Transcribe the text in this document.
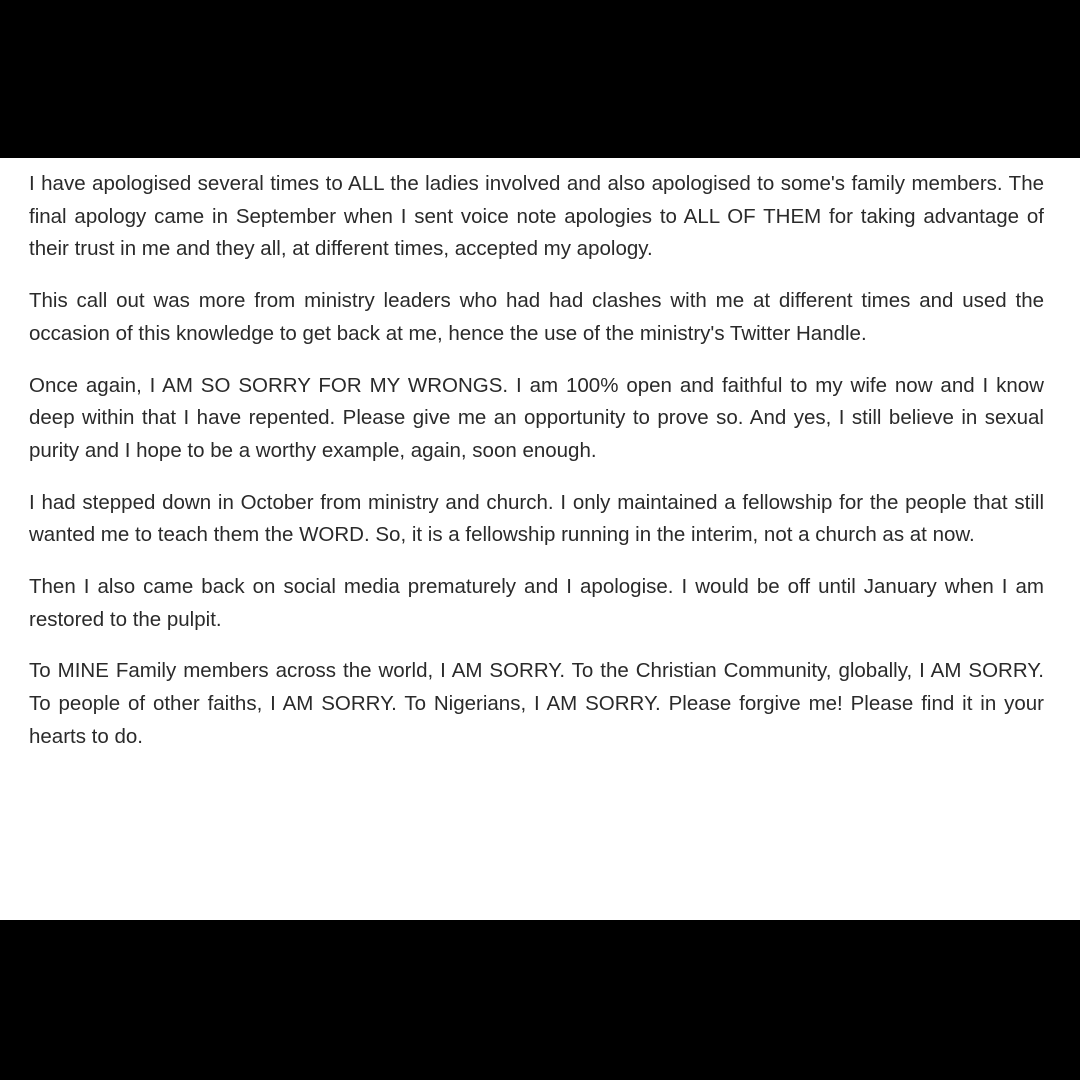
I have apologised several times to ALL the ladies involved and also apologised to some's family members. The final apology came in September when I sent voice note apologies to ALL OF THEM for taking advantage of their trust in me and they all, at different times, accepted my apology.

This call out was more from ministry leaders who had had clashes with me at different times and used the occasion of this knowledge to get back at me, hence the use of the ministry's Twitter Handle.

Once again, I AM SO SORRY FOR MY WRONGS. I am 100% open and faithful to my wife now and I know deep within that I have repented. Please give me an opportunity to prove so. And yes, I still believe in sexual purity and I hope to be a worthy example, again, soon enough.

I had stepped down in October from ministry and church. I only maintained a fellowship for the people that still wanted me to teach them the WORD. So, it is a fellowship running in the interim, not a church as at now.

Then I also came back on social media prematurely and I apologise. I would be off until January when I am restored to the pulpit.

To MINE Family members across the world, I AM SORRY. To the Christian Community, globally, I AM SORRY. To people of other faiths, I AM SORRY. To Nigerians, I AM SORRY. Please forgive me! Please find it in your hearts to do.
